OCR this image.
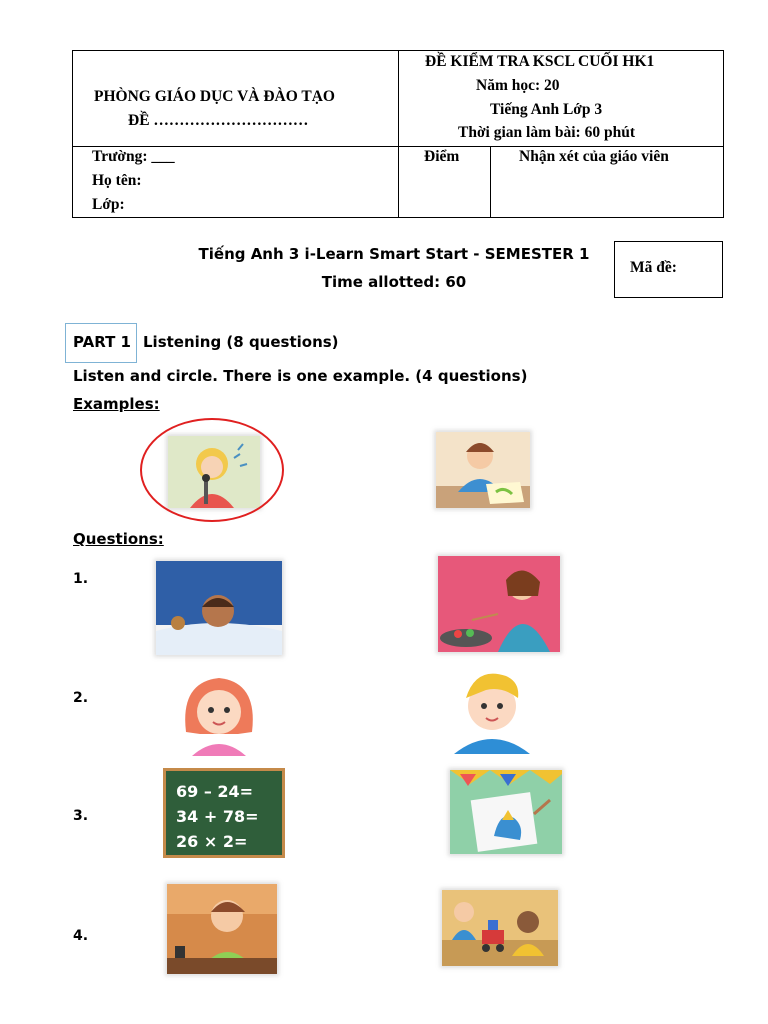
PHÒNG GIÁO DỤC VÀ ĐÀO TẠO
ĐỀ …………………………
ĐỀ KIỂM TRA KSCL CUỐI HK1
Năm học: 20
Tiếng Anh Lớp 3
Thời gian làm bài: 60 phút
Trường: ___
Họ tên:
Lớp:
Điểm	Nhận xét của giáo viên
Tiếng Anh 3 i-Learn Smart Start - SEMESTER 1
Time allotted: 60
Mã đề:
PART 1 Listening (8 questions)
Listen and circle. There is one example. (4 questions)
Examples:
Questions:
1.
2.
3.
69 – 24=
34 + 78=
26 × 2=
4.
